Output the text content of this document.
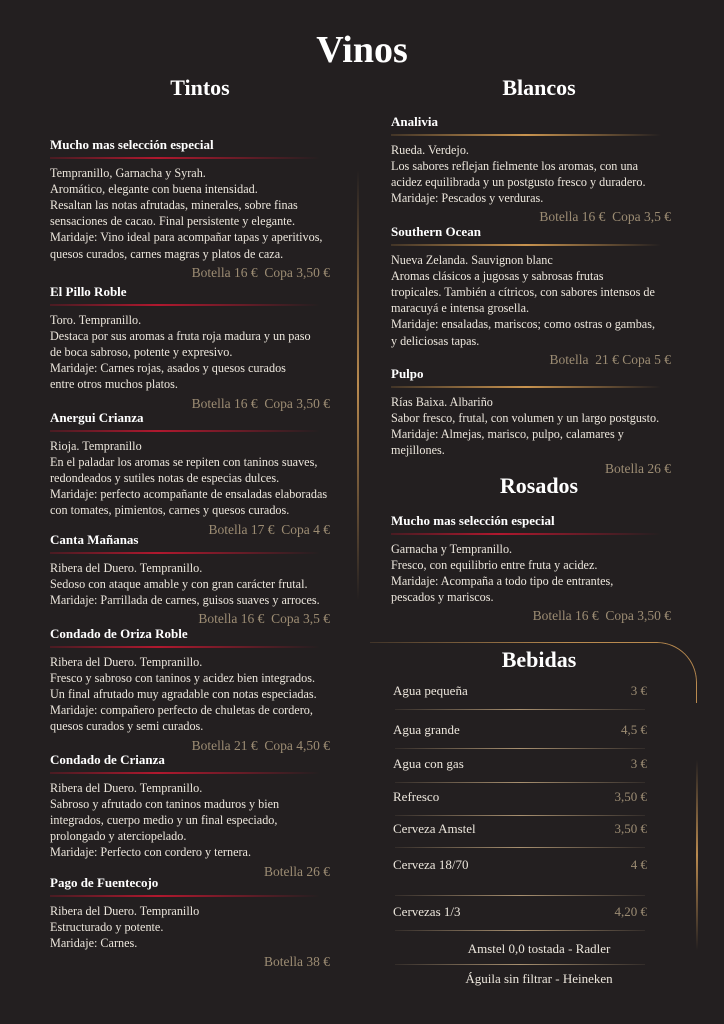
Vinos
Tintos	Blancos
Rosados
Bebidas
Mucho mas selección especial
Tempranillo, Garnacha y Syrah.
Aromático, elegante con buena intensidad.
Resaltan las notas afrutadas, minerales, sobre finas
sensaciones de cacao. Final persistente y elegante.
Maridaje: Vino ideal para acompañar tapas y aperitivos,
quesos curados, carnes magras y platos de caza.
Botella 16 €  Copa 3,50 €
El Pillo Roble
Toro. Tempranillo.
Destaca por sus aromas a fruta roja madura y un paso
de boca sabroso, potente y expresivo.
Maridaje: Carnes rojas, asados y quesos curados
entre otros muchos platos.
Botella 16 €  Copa 3,50 €
Anergui Crianza
Rioja. Tempranillo
En el paladar los aromas se repiten con taninos suaves,
redondeados y sutiles notas de especias dulces.
Maridaje: perfecto acompañante de ensaladas elaboradas
con tomates, pimientos, carnes y quesos curados.
Botella 17 €  Copa 4 €
Canta Mañanas
Ribera del Duero. Tempranillo.
Sedoso con ataque amable y con gran carácter frutal.
Maridaje: Parrillada de carnes, guisos suaves y arroces.
Botella 16 €  Copa 3,5 €
Condado de Oriza Roble
Ribera del Duero. Tempranillo.
Fresco y sabroso con taninos y acidez bien integrados.
Un final afrutado muy agradable con notas especiadas.
Maridaje: compañero perfecto de chuletas de cordero,
quesos curados y semi curados.
Botella 21 €  Copa 4,50 €
Condado de Crianza
Ribera del Duero. Tempranillo.
Sabroso y afrutado con taninos maduros y bien
integrados, cuerpo medio y un final especiado,
prolongado y aterciopelado.
Maridaje: Perfecto con cordero y ternera.
Botella 26 €
Pago de Fuentecojo
Ribera del Duero. Tempranillo
Estructurado y potente.
Maridaje: Carnes.
Botella 38 €
Analivia
Rueda. Verdejo.
Los sabores reflejan fielmente los aromas, con una
acidez equilibrada y un postgusto fresco y duradero.
Maridaje: Pescados y verduras.
Botella 16 €  Copa 3,5 €
Southern Ocean
Nueva Zelanda. Sauvignon blanc
Aromas clásicos a jugosas y sabrosas frutas
tropicales. También a cítricos, con sabores intensos de
maracuyá e intensa grosella.
Maridaje: ensaladas, mariscos; como ostras o gambas,
y deliciosas tapas.
Botella  21 € Copa 5 €
Pulpo
Rías Baixa. Albariño
Sabor fresco, frutal, con volumen y un largo postgusto.
Maridaje: Almejas, marisco, pulpo, calamares y
mejillones.
Botella 26 €
Mucho mas selección especial
Garnacha y Tempranillo.
Fresco, con equilibrio entre fruta y acidez.
Maridaje: Acompaña a todo tipo de entrantes,
pescados y mariscos.
Botella 16 €  Copa 3,50 €
Agua pequeña	3 €
Agua grande	4,5 €
Agua con gas	3 €
Refresco	3,50 €
Cerveza Amstel	3,50 €
Cerveza 18/70	4 €
Cervezas 1/3	4,20 €
Amstel 0,0 tostada - Radler
Águila sin filtrar - Heineken
